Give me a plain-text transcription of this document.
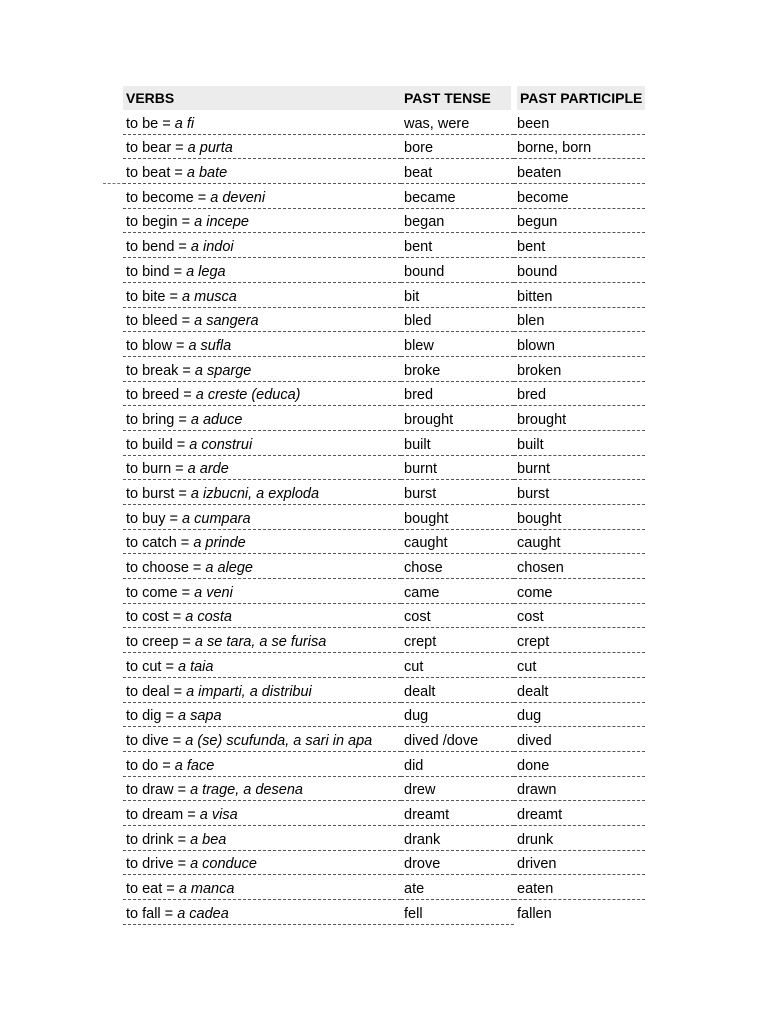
VERBS	PAST TENSE	PAST PARTICIPLE
to be = a fi	was, were	been
to bear = a purta	bore	borne, born
to beat = a bate	beat	beaten
to become = a deveni	became	become
to begin = a incepe	began	begun
to bend = a indoi	bent	bent
to bind = a lega	bound	bound
to bite = a musca	bit	bitten
to bleed = a sangera	bled	blen
to blow = a sufla	blew	blown
to break = a sparge	broke	broken
to breed = a creste (educa)	bred	bred
to bring = a aduce	brought	brought
to build = a construi	built	built
to burn = a arde	burnt	burnt
to burst = a izbucni, a exploda	burst	burst
to buy = a cumpara	bought	bought
to catch = a prinde	caught	caught
to choose = a alege	chose	chosen
to come = a veni	came	come
to cost = a costa	cost	cost
to creep = a se tara, a se furisa	crept	crept
to cut = a taia	cut	cut
to deal = a imparti, a distribui	dealt	dealt
to dig = a sapa	dug	dug
to dive = a (se) scufunda, a sari in apa	dived /dove	dived
to do = a face	did	done
to draw = a trage, a desena	drew	drawn
to dream = a visa	dreamt	dreamt
to drink = a bea	drank	drunk
to drive = a conduce	drove	driven
to eat = a manca	ate	eaten
to fall = a cadea	fell	fallen
